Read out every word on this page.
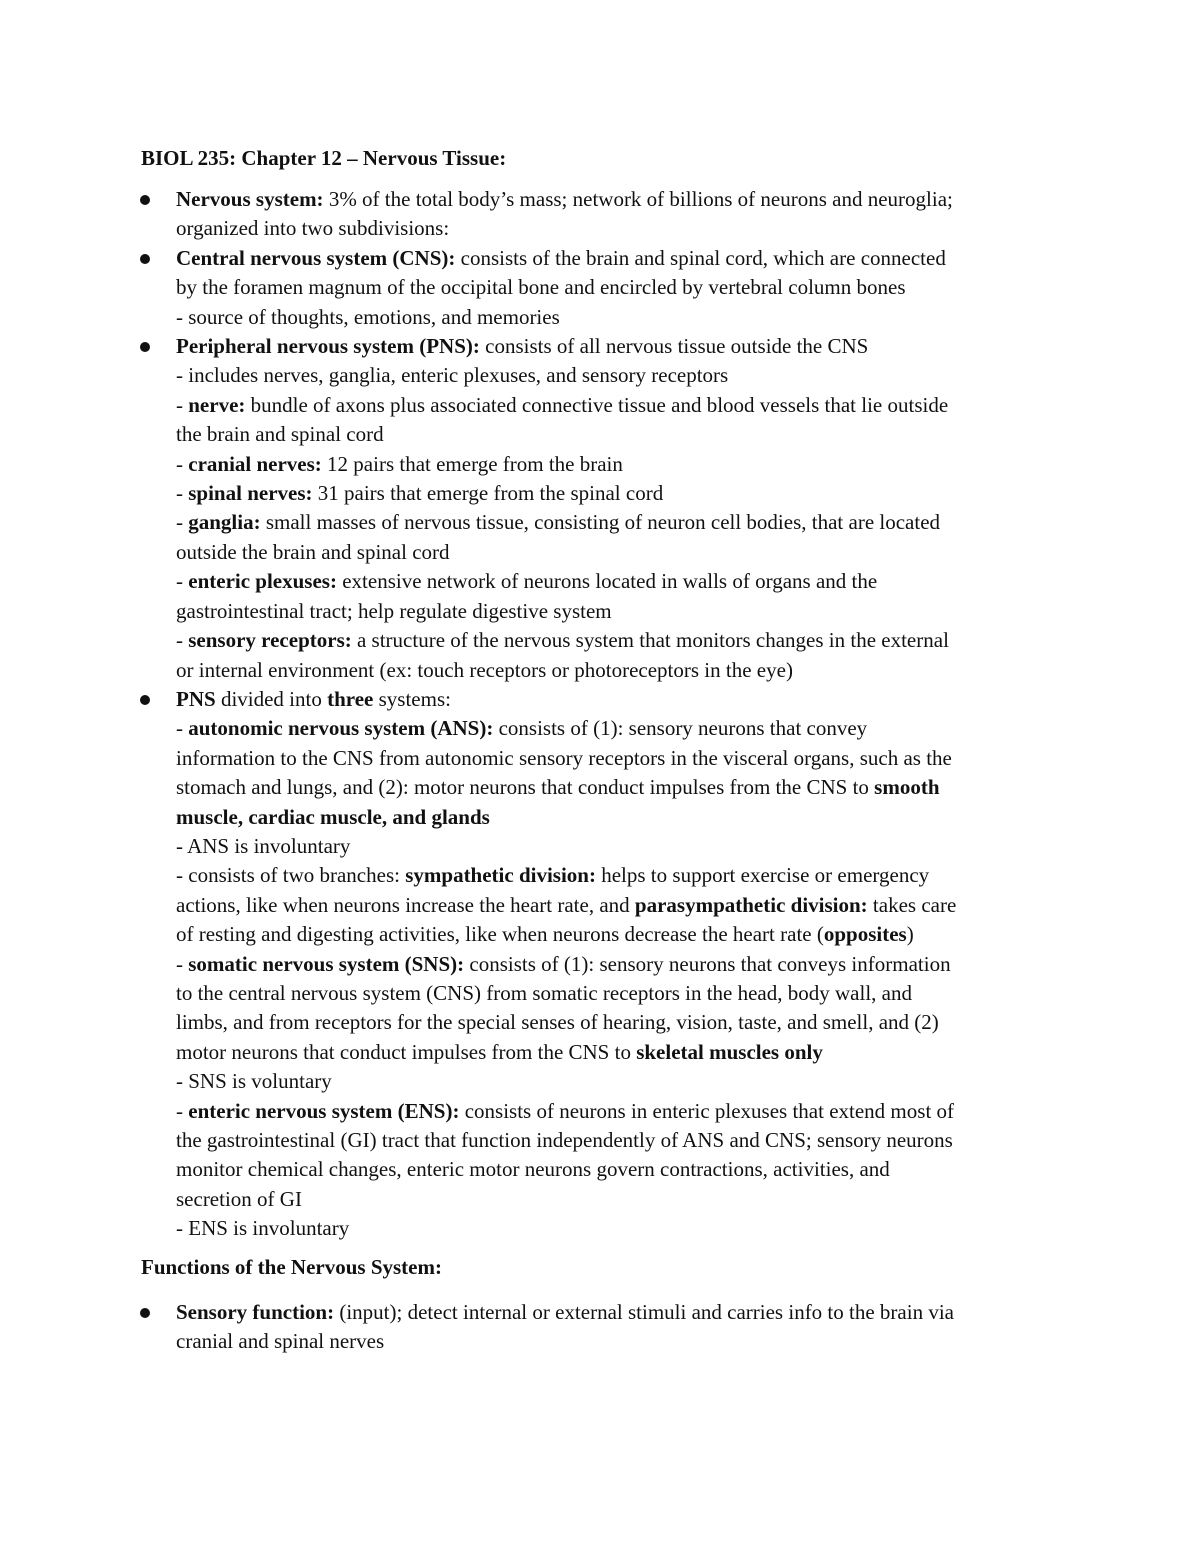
BIOL 235: Chapter 12 – Nervous Tissue:
Nervous system: 3% of the total body’s mass; network of billions of neurons and neuroglia;
organized into two subdivisions:
Central nervous system (CNS): consists of the brain and spinal cord, which are connected
by the foramen magnum of the occipital bone and encircled by vertebral column bones
- source of thoughts, emotions, and memories
Peripheral nervous system (PNS): consists of all nervous tissue outside the CNS
- includes nerves, ganglia, enteric plexuses, and sensory receptors
- nerve: bundle of axons plus associated connective tissue and blood vessels that lie outside
the brain and spinal cord
- cranial nerves: 12 pairs that emerge from the brain
- spinal nerves: 31 pairs that emerge from the spinal cord
- ganglia: small masses of nervous tissue, consisting of neuron cell bodies, that are located
outside the brain and spinal cord
- enteric plexuses: extensive network of neurons located in walls of organs and the
gastrointestinal tract; help regulate digestive system
- sensory receptors: a structure of the nervous system that monitors changes in the external
or internal environment (ex: touch receptors or photoreceptors in the eye)
PNS divided into three systems:
- autonomic nervous system (ANS): consists of (1): sensory neurons that convey
information to the CNS from autonomic sensory receptors in the visceral organs, such as the
stomach and lungs, and (2): motor neurons that conduct impulses from the CNS to smooth
muscle, cardiac muscle, and glands
- ANS is involuntary
- consists of two branches: sympathetic division: helps to support exercise or emergency
actions, like when neurons increase the heart rate, and parasympathetic division: takes care
of resting and digesting activities, like when neurons decrease the heart rate (opposites)
- somatic nervous system (SNS): consists of (1): sensory neurons that conveys information
to the central nervous system (CNS) from somatic receptors in the head, body wall, and
limbs, and from receptors for the special senses of hearing, vision, taste, and smell, and (2)
motor neurons that conduct impulses from the CNS to skeletal muscles only
- SNS is voluntary
- enteric nervous system (ENS): consists of neurons in enteric plexuses that extend most of
the gastrointestinal (GI) tract that function independently of ANS and CNS; sensory neurons
monitor chemical changes, enteric motor neurons govern contractions, activities, and
secretion of GI
- ENS is involuntary
Functions of the Nervous System:
Sensory function: (input); detect internal or external stimuli and carries info to the brain via
cranial and spinal nerves
